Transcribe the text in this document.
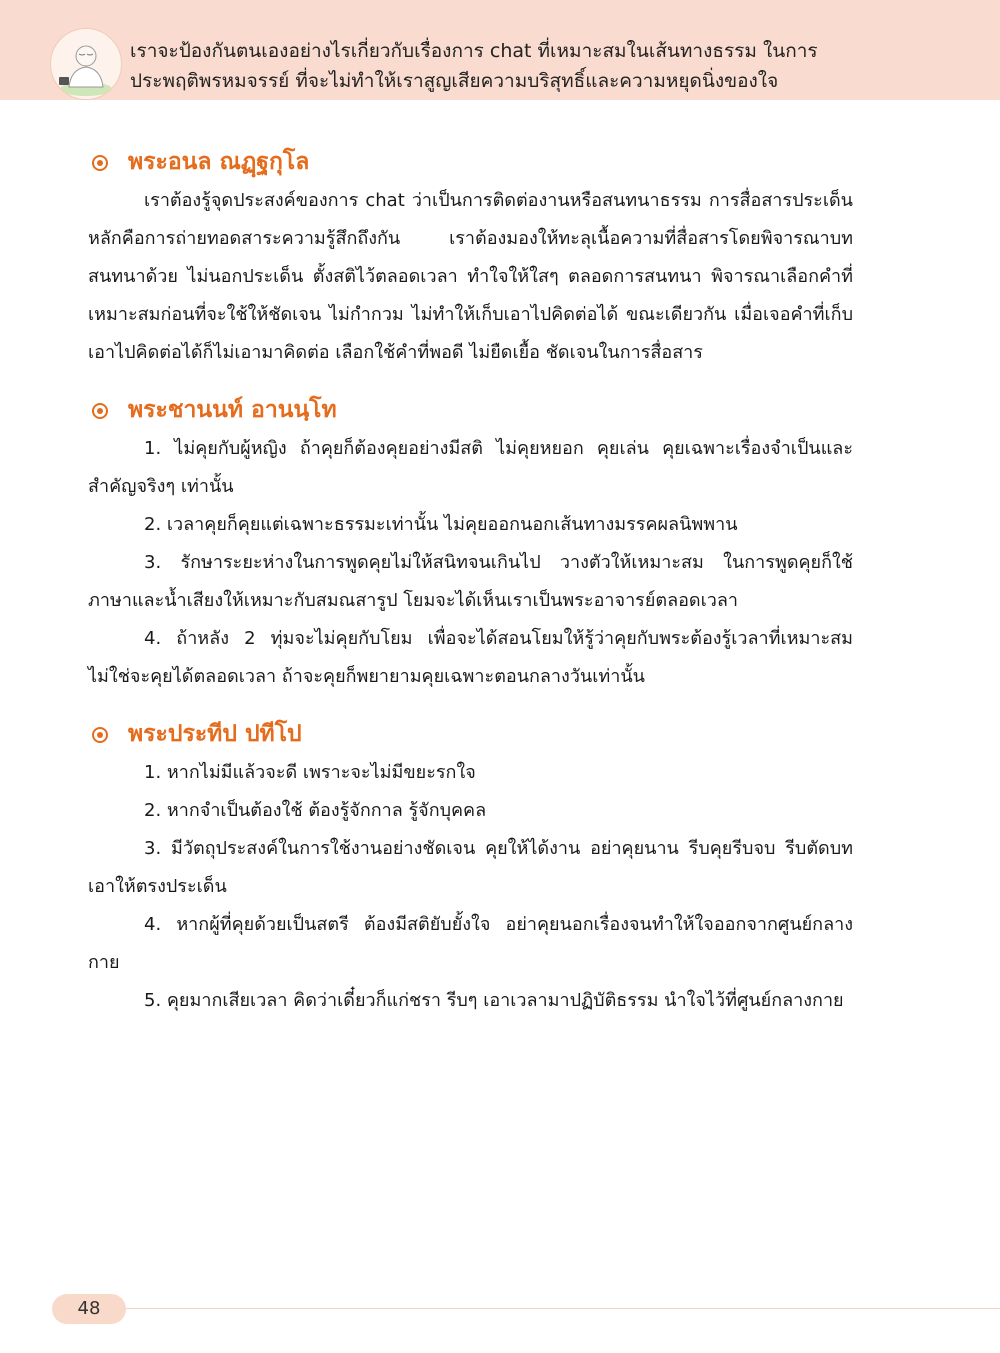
เราจะป้องกันตนเองอย่างไรเกี่ยวกับเรื่องการ chat ที่เหมาะสมในเส้นทางธรรม ในการ
ประพฤติพรหมจรรย์ ที่จะไม่ทำให้เราสูญเสียความบริสุทธิ์และความหยุดนิ่งของใจ
พระอนล ณฏฺฐกุโล

เราต้องรู้จุดประสงค์ของการ chat ว่าเป็นการติดต่องานหรือสนทนาธรรม การสื่อสารประเด็นหลักคือการถ่ายทอดสาระความรู้สึกถึงกัน เราต้องมองให้ทะลุเนื้อความที่สื่อสารโดยพิจารณาบทสนทนาด้วย ไม่นอกประเด็น ตั้งสติไว้ตลอดเวลา ทำใจให้ใสๆ ตลอดการสนทนา พิจารณาเลือกคำที่เหมาะสมก่อนที่จะใช้ให้ชัดเจน ไม่กำกวม ไม่ทำให้เก็บเอาไปคิดต่อได้ ขณะเดียวกัน เมื่อเจอคำที่เก็บเอาไปคิดต่อได้ก็ไม่เอามาคิดต่อ เลือกใช้คำที่พอดี ไม่ยืดเยื้อ ชัดเจนในการสื่อสาร

พระชานนท์ อานนฺโท

1. ไม่คุยกับผู้หญิง ถ้าคุยก็ต้องคุยอย่างมีสติ ไม่คุยหยอก คุยเล่น คุยเฉพาะเรื่องจำเป็นและสำคัญจริงๆ เท่านั้น

2. เวลาคุยก็คุยแต่เฉพาะธรรมะเท่านั้น ไม่คุยออกนอกเส้นทางมรรคผลนิพพาน

3. รักษาระยะห่างในการพูดคุยไม่ให้สนิทจนเกินไป วางตัวให้เหมาะสม ในการพูดคุยก็ใช้ภาษาและน้ำเสียงให้เหมาะกับสมณสารูป โยมจะได้เห็นเราเป็นพระอาจารย์ตลอดเวลา

4. ถ้าหลัง 2 ทุ่มจะไม่คุยกับโยม เพื่อจะได้สอนโยมให้รู้ว่าคุยกับพระต้องรู้เวลาที่เหมาะสม ไม่ใช่จะคุยได้ตลอดเวลา ถ้าจะคุยก็พยายามคุยเฉพาะตอนกลางวันเท่านั้น

พระประทีป ปทีโป

1. หากไม่มีแล้วจะดี เพราะจะไม่มีขยะรกใจ

2. หากจำเป็นต้องใช้ ต้องรู้จักกาล รู้จักบุคคล

3. มีวัตถุประสงค์ในการใช้งานอย่างชัดเจน คุยให้ได้งาน อย่าคุยนาน รีบคุยรีบจบ รีบตัดบท เอาให้ตรงประเด็น

4. หากผู้ที่คุยด้วยเป็นสตรี ต้องมีสติยับยั้งใจ อย่าคุยนอกเรื่องจนทำให้ใจออกจากศูนย์กลางกาย

5. คุยมากเสียเวลา คิดว่าเดี๋ยวก็แก่ชรา รีบๆ เอาเวลามาปฏิบัติธรรม นำใจไว้ที่ศูนย์กลางกาย

48
